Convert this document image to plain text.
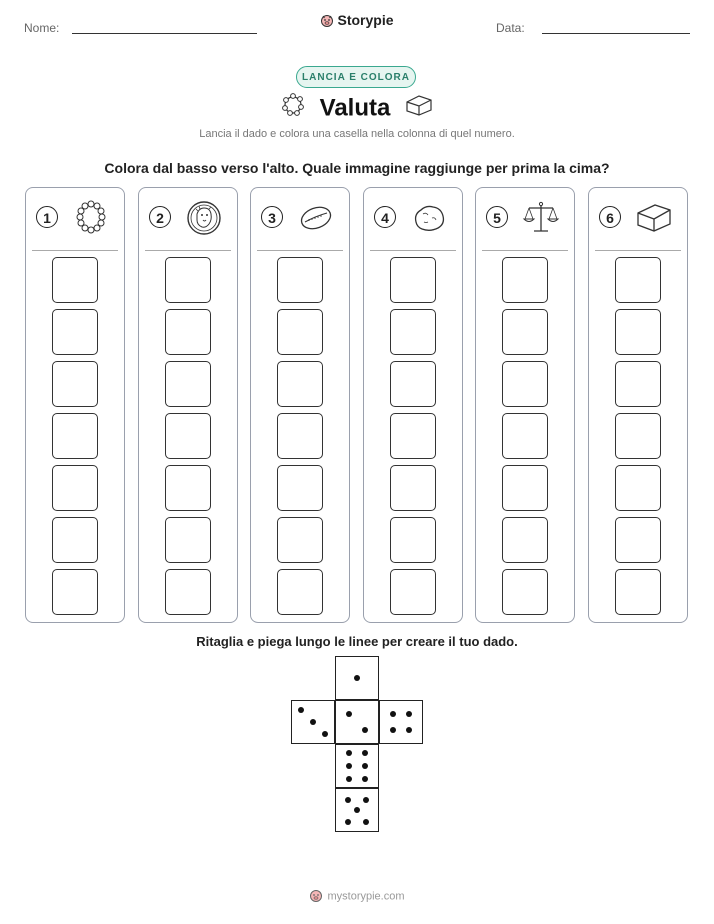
Nome:	Data:
Storypie
LANCIA E COLORA
Valuta
Lancia il dado e colora una casella nella colonna di quel numero.
Colora dal basso verso l'alto. Quale immagine raggiunge per prima la cima?
1	2	3	4	5	6
Ritaglia e piega lungo le linee per creare il tuo dado.
mystorypie.com
